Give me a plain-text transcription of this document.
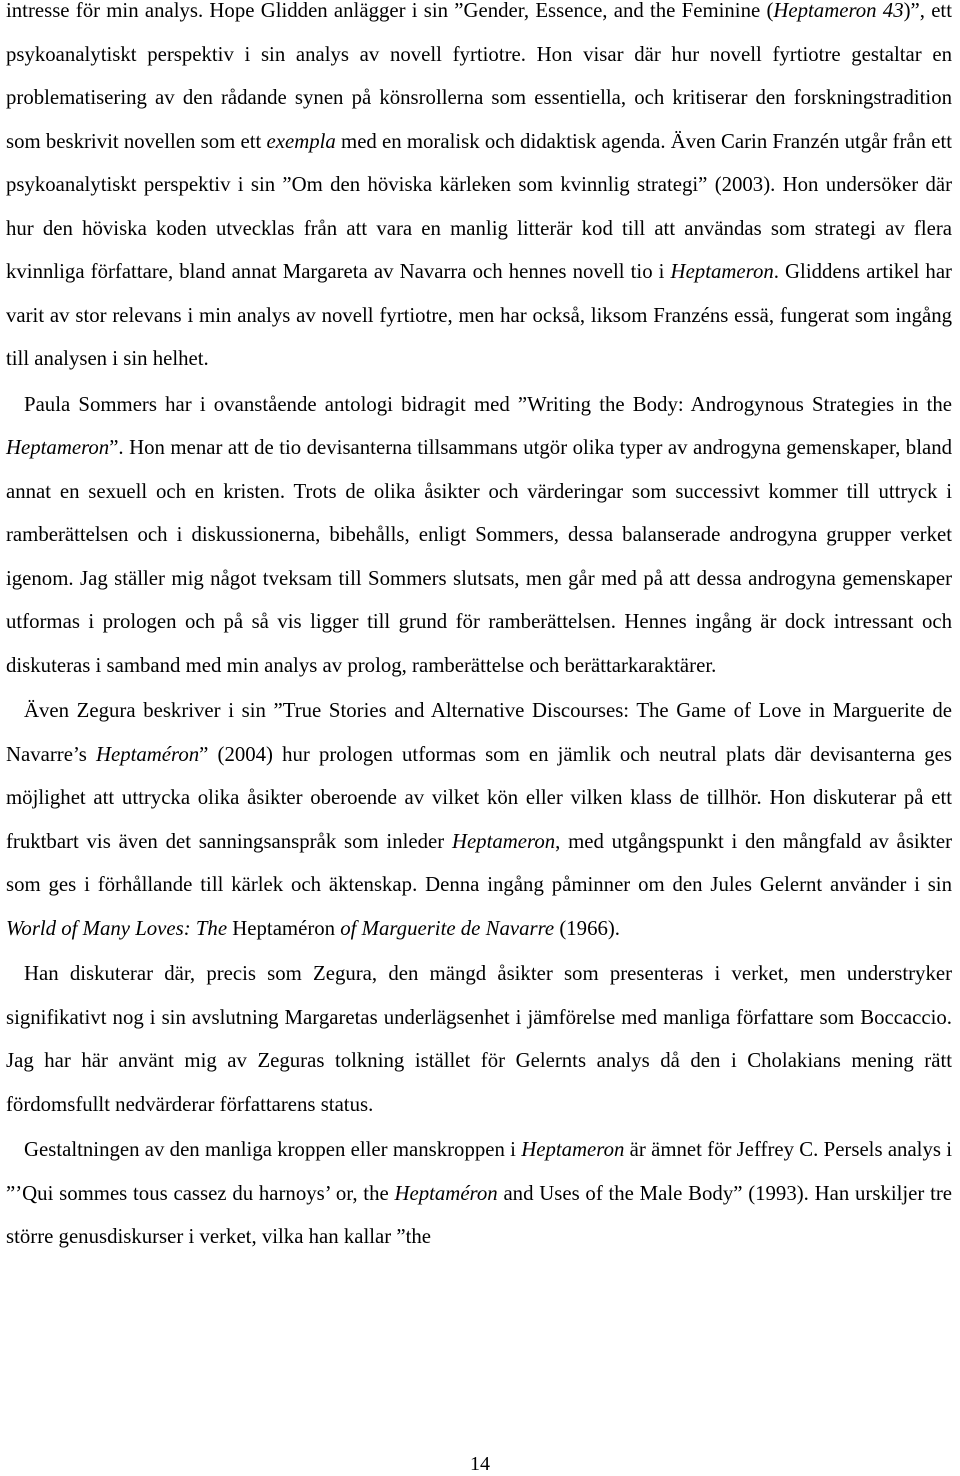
intresse för min analys. Hope Glidden anlägger i sin ”Gender, Essence, and the Feminine (Heptameron 43)”, ett psykoanalytiskt perspektiv i sin analys av novell fyrtiotre. Hon visar där hur novell fyrtiotre gestaltar en problematisering av den rådande synen på könsrollerna som essentiella, och kritiserar den forskningstradition som beskrivit novellen som ett exempla med en moralisk och didaktisk agenda. Även Carin Franzén utgår från ett psykoanalytiskt perspektiv i sin ”Om den höviska kärleken som kvinnlig strategi” (2003). Hon undersöker där hur den höviska koden utvecklas från att vara en manlig litterär kod till att användas som strategi av flera kvinnliga författare, bland annat Margareta av Navarra och hennes novell tio i Heptameron. Gliddens artikel har varit av stor relevans i min analys av novell fyrtiotre, men har också, liksom Franzéns essä, fungerat som ingång till analysen i sin helhet.

Paula Sommers har i ovanstående antologi bidragit med ”Writing the Body: Androgynous Strategies in the Heptameron”. Hon menar att de tio devisanterna tillsammans utgör olika typer av androgyna gemenskaper, bland annat en sexuell och en kristen. Trots de olika åsikter och värderingar som successivt kommer till uttryck i ramberättelsen och i diskussionerna, bibehålls, enligt Sommers, dessa balanserade androgyna grupper verket igenom. Jag ställer mig något tveksam till Sommers slutsats, men går med på att dessa androgyna gemenskaper utformas i prologen och på så vis ligger till grund för ramberättelsen. Hennes ingång är dock intressant och diskuteras i samband med min analys av prolog, ramberättelse och berättarkaraktärer.

Även Zegura beskriver i sin ”True Stories and Alternative Discourses: The Game of Love in Marguerite de Navarre’s Heptaméron” (2004) hur prologen utformas som en jämlik och neutral plats där devisanterna ges möjlighet att uttrycka olika åsikter oberoende av vilket kön eller vilken klass de tillhör. Hon diskuterar på ett fruktbart vis även det sanningsanspråk som inleder Heptameron, med utgångspunkt i den mångfald av åsikter som ges i förhållande till kärlek och äktenskap. Denna ingång påminner om den Jules Gelernt använder i sin World of Many Loves: The Heptaméron of Marguerite de Navarre (1966).

Han diskuterar där, precis som Zegura, den mängd åsikter som presenteras i verket, men understryker signifikativt nog i sin avslutning Margaretas underlägsenhet i jämförelse med manliga författare som Boccaccio. Jag har här använt mig av Zeguras tolkning istället för Gelernts analys då den i Cholakians mening rätt fördomsfullt nedvärderar författarens status.

Gestaltningen av den manliga kroppen eller manskroppen i Heptameron är ämnet för Jeffrey C. Persels analys i ”’Qui sommes tous cassez du harnoys’ or, the Heptaméron and Uses of the Male Body” (1993). Han urskiljer tre större genusdiskurser i verket, vilka han kallar ”the

14
